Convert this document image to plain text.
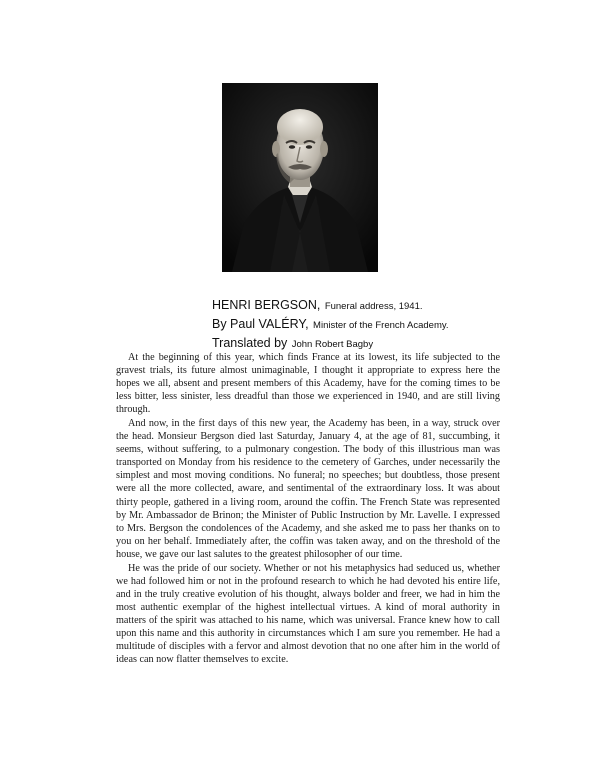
HENRI BERGSON, Funeral address, 1941.
By Paul VALÉRY, Minister of the French Academy.
Translated by John Robert Bagby

At the beginning of this year, which finds France at its lowest, its life subjected to the gravest trials, its future almost unimaginable, I thought it appropriate to express here the hopes we all, absent and present members of this Academy, have for the coming times to be less bitter, less sinister, less dreadful than those we experienced in 1940, and are still living through.

And now, in the first days of this new year, the Academy has been, in a way, struck over the head. Monsieur Bergson died last Saturday, January 4, at the age of 81, succumbing, it seems, without suffering, to a pulmonary congestion. The body of this illustrious man was transported on Monday from his residence to the cemetery of Garches, under necessarily the simplest and most moving conditions. No funeral; no speeches; but doubtless, those present were all the more collected, aware, and sentimental of the extraordinary loss. It was about thirty people, gathered in a living room, around the coffin. The French State was represented by Mr. Ambassador de Brinon; the Minister of Public Instruction by Mr. Lavelle. I expressed to Mrs. Bergson the condolences of the Academy, and she asked me to pass her thanks on to you on her behalf. Immediately after, the coffin was taken away, and on the threshold of the house, we gave our last salutes to the greatest philosopher of our time.

He was the pride of our society. Whether or not his metaphysics had seduced us, whether we had followed him or not in the profound research to which he had devoted his entire life, and in the truly creative evolution of his thought, always bolder and freer, we had in him the most authentic exemplar of the highest intellectual virtues. A kind of moral authority in matters of the spirit was attached to his name, which was universal. France knew how to call upon this name and this authority in circumstances which I am sure you remember. He had a multitude of disciples with a fervor and almost devotion that no one after him in the world of ideas can now flatter themselves to excite.
